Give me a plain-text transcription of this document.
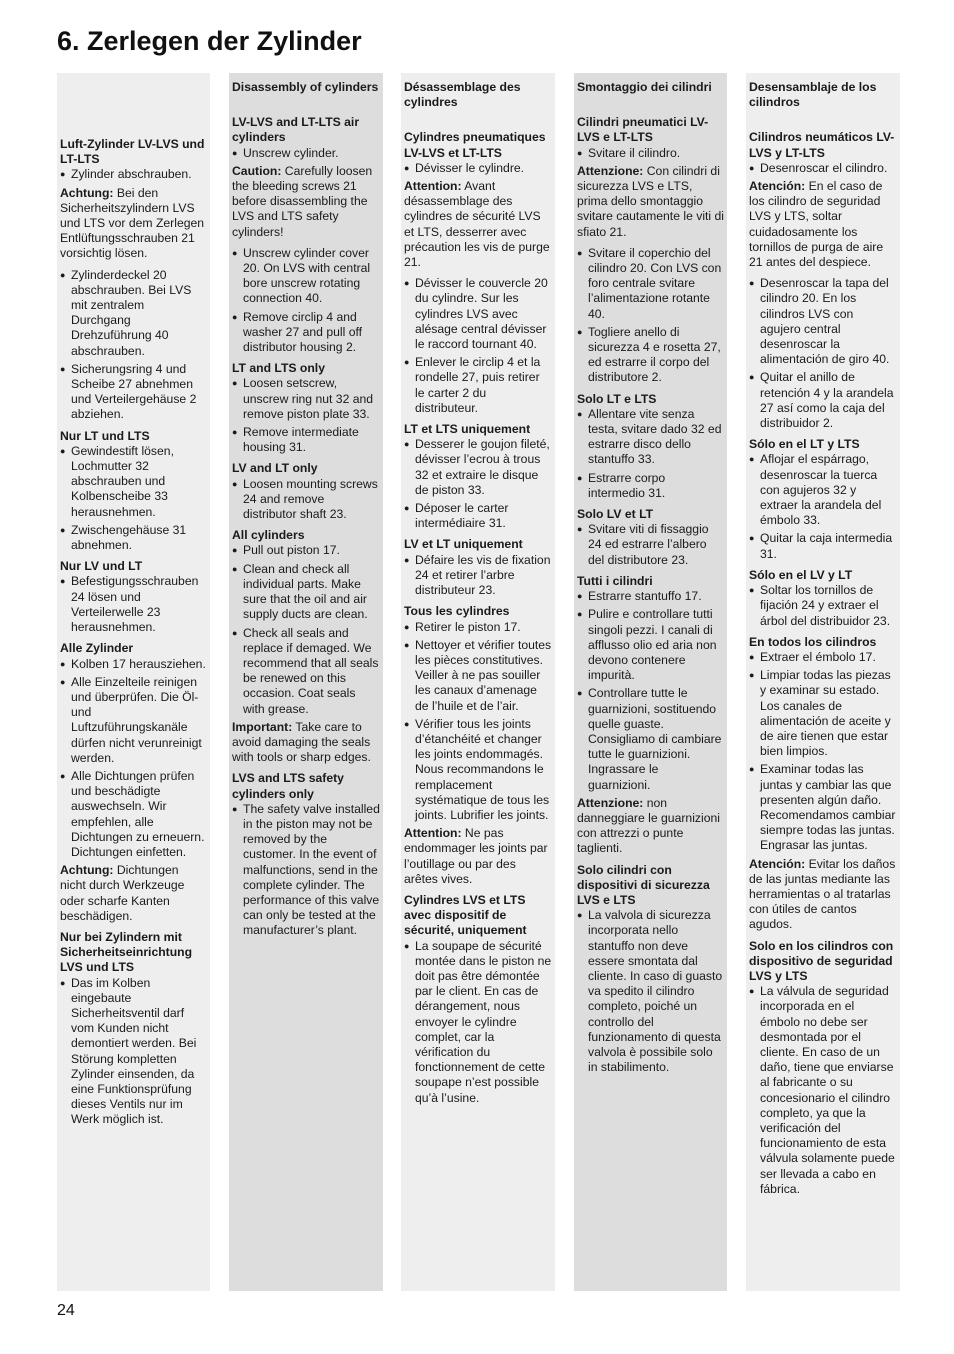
6. Zerlegen der Zylinder

Luft-Zylinder LV-LVS und LT-LTS

● Zylinder abschrauben.

Achtung: Bei den Sicherheitszylindern LVS und LTS vor dem Zerlegen Entlüftungsschrauben 21 vorsichtig lösen.

● Zylinderdeckel 20 abschrauben. Bei LVS mit zentralem Durchgang Drehzuführung 40 abschrauben.
● Sicherungsring 4 und Scheibe 27 abnehmen und Verteilergehäuse 2 abziehen.

Nur LT und LTS

● Gewindestift lösen, Lochmutter 32 abschrauben und Kolbenscheibe 33 herausnehmen.
● Zwischengehäuse 31 abnehmen.

Nur LV und LT

● Befestigungsschrauben 24 lösen und Verteilerwelle 23 herausnehmen.

Alle Zylinder

● Kolben 17 herausziehen.
● Alle Einzelteile reinigen und überprüfen. Die Öl- und Luftzuführungskanäle dürfen nicht verunreinigt werden.
● Alle Dichtungen prüfen und beschädigte auswechseln. Wir empfehlen, alle Dichtungen zu erneuern. Dichtungen einfetten.

Achtung: Dichtungen nicht durch Werkzeuge oder scharfe Kanten beschädigen.

Nur bei Zylindern mit Sicherheitseinrichtung LVS und LTS

● Das im Kolben eingebaute Sicherheitsventil darf vom Kunden nicht demontiert werden. Bei Störung kompletten Zylinder einsenden, da eine Funktionsprüfung dieses Ventils nur im Werk möglich ist.

Disassembly of cylinders

LV-LVS and LT-LTS air cylinders

● Unscrew cylinder.

Caution: Carefully loosen the bleeding screws 21 before disassembling the LVS and LTS safety cylinders!

● Unscrew cylinder cover 20. On LVS with central bore unscrew rotating connection 40.
● Remove circlip 4 and washer 27 and pull off distributor housing 2.

LT and LTS only

● Loosen setscrew, unscrew ring nut 32 and remove piston plate 33.
● Remove intermediate housing 31.

LV and LT only

● Loosen mounting screws 24 and remove distributor shaft 23.

All cylinders

● Pull out piston 17.
● Clean and check all individual parts. Make sure that the oil and air supply ducts are clean.
● Check all seals and replace if demaged. We recommend that all seals be renewed on this occasion. Coat seals with grease.

Important: Take care to avoid damaging the seals with tools or sharp edges.

LVS and LTS safety cylinders only

● The safety valve installed in the piston may not be removed by the customer. In the event of malfunctions, send in the complete cylinder. The performance of this valve can only be tested at the manufacturer’s plant.

Désassemblage des cylindres

Cylindres pneumatiques LV-LVS et LT-LTS

● Dévisser le cylindre.

Attention: Avant désassemblage des cylindres de sécurité LVS et LTS, desserrer avec précaution les vis de purge 21.

● Dévisser le couvercle 20 du cylindre. Sur les cylindres LVS avec alésage central dévisser le raccord tournant 40.
● Enlever le circlip 4 et la rondelle 27, puis retirer le carter 2 du distributeur.

LT et LTS uniquement

● Desserer le goujon fileté, dévisser l’ecrou à trous 32 et extraire le disque de piston 33.
● Déposer le carter intermédiaire 31.

LV et LT uniquement

● Défaire les vis de fixation 24 et retirer l’arbre distributeur 23.

Tous les cylindres

● Retirer le piston 17.
● Nettoyer et vérifier toutes les pièces constitutives. Veiller à ne pas souiller les canaux d’amenage de l’huile et de l’air.
● Vérifier tous les joints d’étanchéité et changer les joints endommagés. Nous recommandons le remplacement systématique de tous les joints. Lubrifier les joints.

Attention: Ne pas endommager les joints par l’outillage ou par des arêtes vives.

Cylindres LVS et LTS avec dispositif de sécurité, uniquement

● La soupape de sécurité montée dans le piston ne doit pas être démontée par le client. En cas de dérangement, nous envoyer le cylindre complet, car la vérification du fonctionnement de cette soupape n’est possible qu’à l’usine.

Smontaggio dei cilindri

Cilindri pneumatici LV-LVS e LT-LTS

● Svitare il cilindro.

Attenzione: Con cilindri di sicurezza LVS e LTS, prima dello smontaggio svitare cautamente le viti di sfiato 21.

● Svitare il coperchio del cilindro 20. Con LVS con foro centrale svitare l’alimentazione rotante 40.
● Togliere anello di sicurezza 4 e rosetta 27, ed estrarre il corpo del distributore 2.

Solo LT e LTS

● Allentare vite senza testa, svitare dado 32 ed estrarre disco dello stantuffo 33.
● Estrarre corpo intermedio 31.

Solo LV et LT

● Svitare viti di fissaggio 24 ed estrarre l’albero del distributore 23.

Tutti i cilindri

● Estrarre stantuffo 17.
● Pulire e controllare tutti singoli pezzi. I canali di afflusso olio ed aria non devono contenere impurità.
● Controllare tutte le guarnizioni, sostituendo quelle guaste. Consigliamo di cambiare tutte le guarnizioni. Ingrassare le guarnizioni.

Attenzione: non danneggiare le guarnizioni con attrezzi o punte taglienti.

Solo cilindri con dispositivi di sicurezza LVS e LTS

● La valvola di sicurezza incorporata nello stantuffo non deve essere smontata dal cliente. In caso di guasto va spedito il cilindro completo, poiché un controllo del funzionamento di questa valvola è possibile solo in stabilimento.

Desensamblaje de los cilindros

Cilindros neumáticos LV-LVS y LT-LTS

● Desenroscar el cilindro.

Atención: En el caso de los cilindro de seguridad LVS y LTS, soltar cuidadosamente los tornillos de purga de aire 21 antes del despiece.

● Desenroscar la tapa del cilindro 20. En los cilindros LVS con agujero central desenroscar la alimentación de giro 40.
● Quitar el anillo de retención 4 y la arandela 27 así como la caja del distribuidor 2.

Sólo en el LT y LTS

● Aflojar el espárrago, desenroscar la tuerca con agujeros 32 y extraer la arandela del émbolo 33.
● Quitar la caja intermedia 31.

Sólo en el LV y LT

● Soltar los tornillos de fijación 24 y extraer el árbol del distribuidor 23.

En todos los cilindros

● Extraer el émbolo 17.
● Limpiar todas las piezas y examinar su estado. Los canales de alimentación de aceite y de aire tienen que estar bien limpios.
● Examinar todas las juntas y cambiar las que presenten algún daño. Recomendamos cambiar siempre todas las juntas. Engrasar las juntas.

Atención: Evitar los daños de las juntas mediante las herramientas o al tratarlas con útiles de cantos agudos.

Solo en los cilindros con dispositivo de seguridad LVS y LTS

● La válvula de seguridad incorporada en el émbolo no debe ser desmontada por el cliente. En caso de un daño, tiene que enviarse al fabricante o su concesionario el cilindro completo, ya que la verificación del funcionamiento de esta válvula solamente puede ser llevada a cabo en fábrica.
24
